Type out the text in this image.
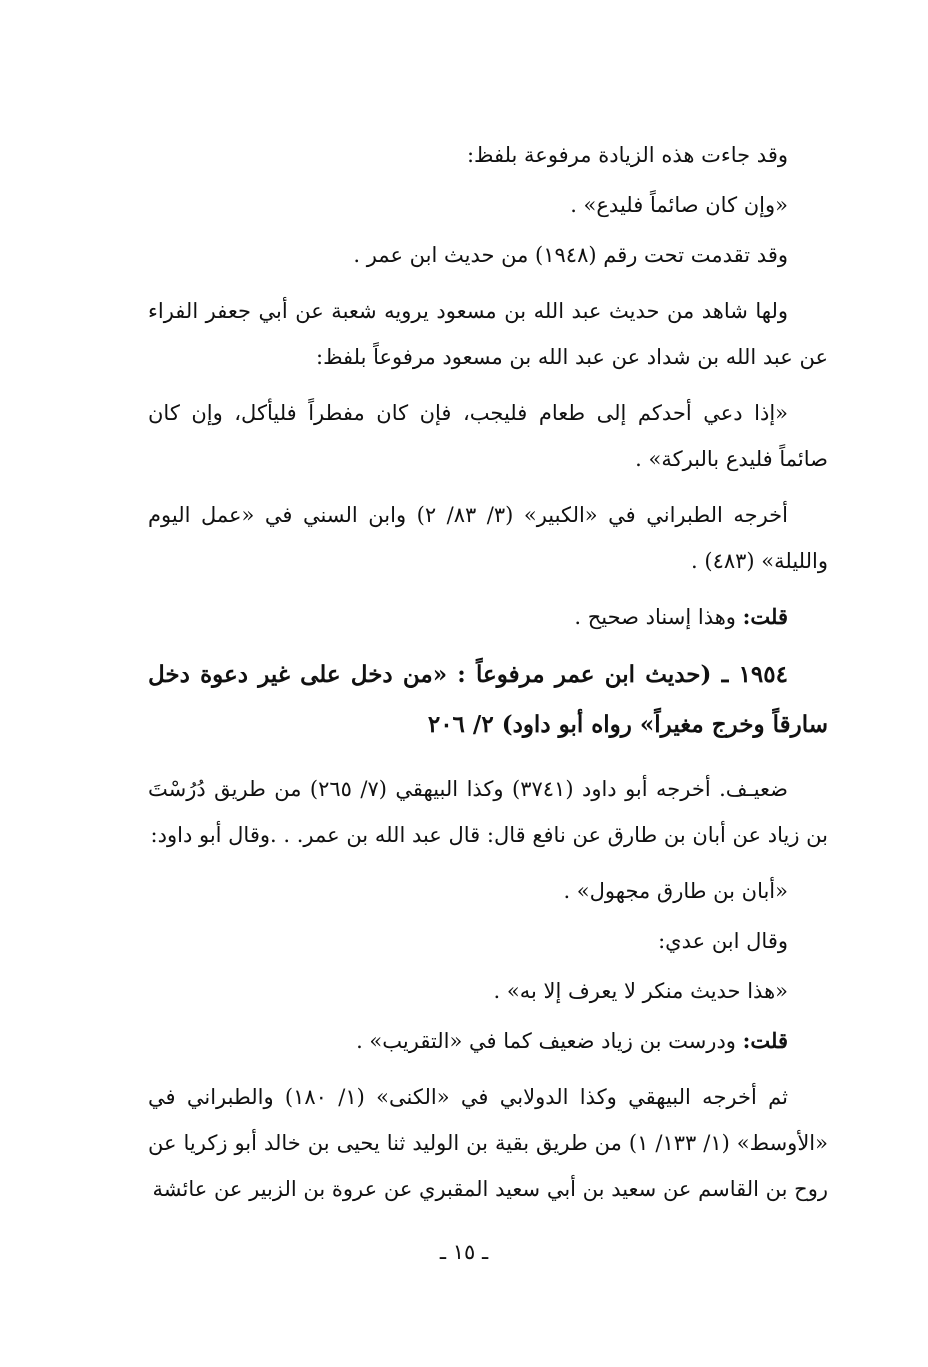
وقد جاءت هذه الزيادة مرفوعة بلفظ:

«وإن كان صائماً فليدع» .

وقد تقدمت تحت رقم (١٩٤٨) من حديث ابن عمر .

ولها شاهد من حديث عبد الله بن مسعود يرويه شعبة عن أبي جعفر الفراء عن عبد الله بن شداد عن عبد الله بن مسعود مرفوعاً بلفظ:

«إذا دعي أحدكم إلى طعام فليجب، فإن كان مفطراً فليأكل، وإن كان صائماً فليدع بالبركة» .

أخرجه الطبراني في «الكبير» (٣/ ٨٣/ ٢) وابن السني في «عمل اليوم والليلة» (٤٨٣) .

قلت: وهذا إسناد صحيح .

١٩٥٤ ـ (حديث ابن عمر مرفوعاً : «من دخل على غير دعوة دخل سارقاً وخرج مغيراً» رواه أبو داود) ٢/ ٢٠٦

ضعيـف. أخرجه أبو داود (٣٧٤١) وكذا البيهقي (٧/ ٢٦٥) من طريق دُرُسْتَ بن زياد عن أبان بن طارق عن نافع قال: قال عبد الله بن عمر. . .وقال أبو داود:

«أبان بن طارق مجهول» .

وقال ابن عدي:

«هذا حديث منكر لا يعرف إلا به» .

قلت: ودرست بن زياد ضعيف كما في «التقريب» .

ثم أخرجه البيهقي وكذا الدولابي في «الكنى» (١/ ١٨٠) والطبراني في «الأوسط» (١/ ١٣٣/ ١) من طريق بقية بن الوليد ثنا يحيى بن خالد أبو زكريا عن روح بن القاسم عن سعيد بن أبي سعيد المقبري عن عروة بن الزبير عن عائشة

ـ ١٥ ـ
